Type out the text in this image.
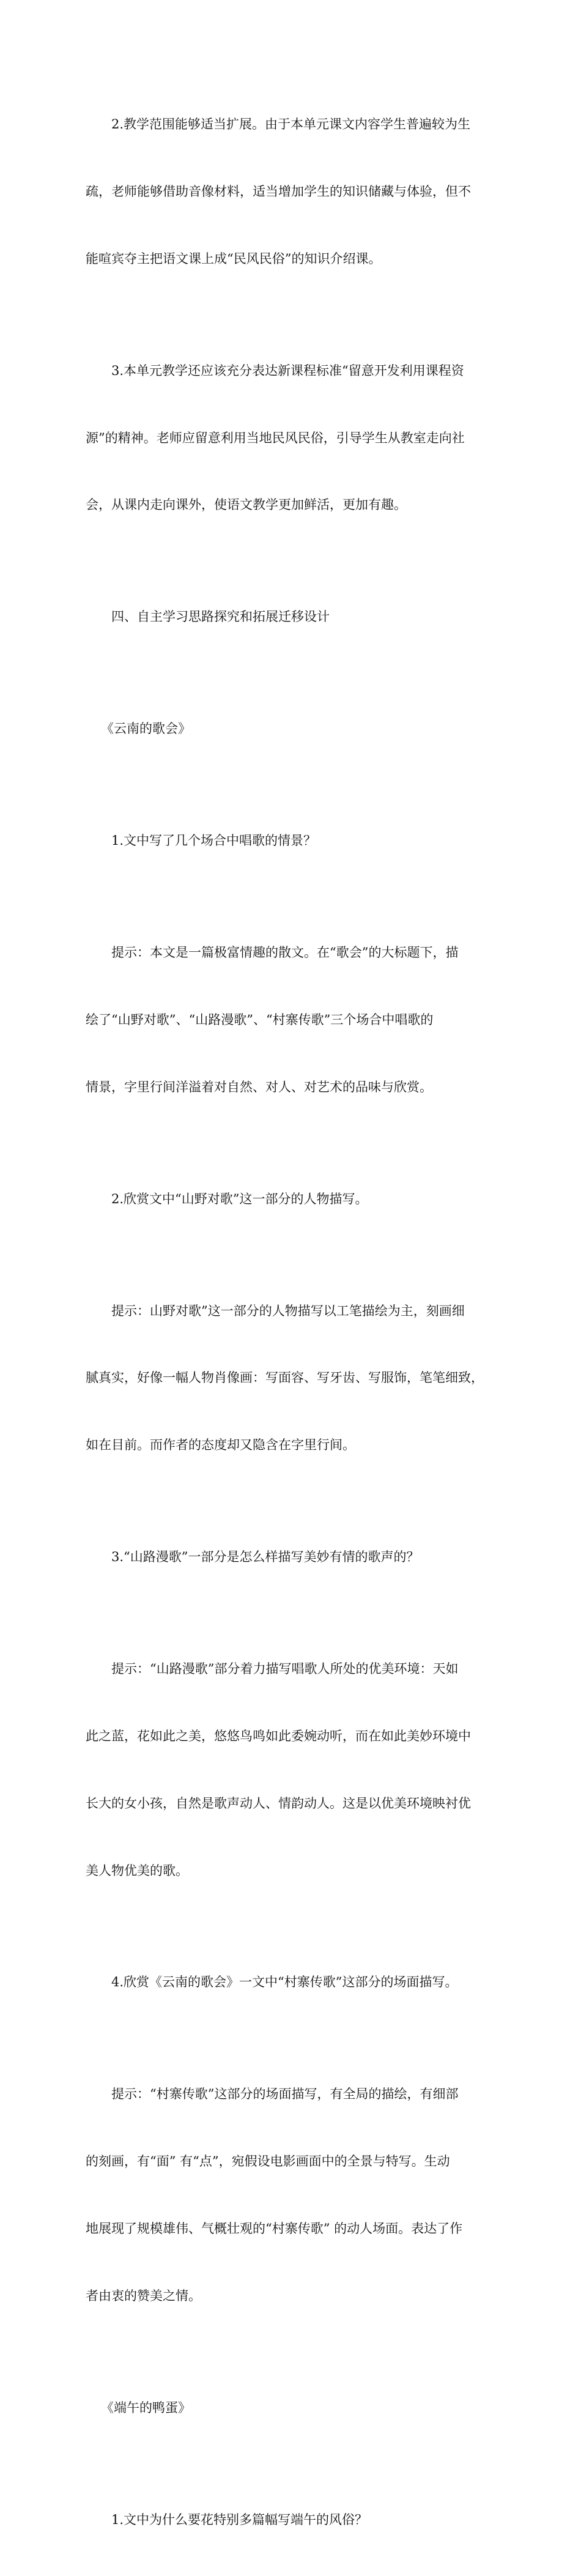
2.教学范围能够适当扩展。由于本单元课文内容学生普遍较为生

疏，老师能够借助音像材料，适当增加学生的知识储藏与体验，但不

能喧宾夺主把语文课上成“民风民俗”的知识介绍课。

3.本单元教学还应该充分表达新课程标准“留意开发利用课程资

源”的精神。老师应留意利用当地民风民俗，引导学生从教室走向社

会，从课内走向课外，使语文教学更加鲜活，更加有趣。

四、自主学习思路探究和拓展迁移设计

《云南的歌会》

1.文中写了几个场合中唱歌的情景？

提示：本文是一篇极富情趣的散文。在“歌会”的大标题下，描

绘了“山野对歌”、“山路漫歌”、“村寨传歌”三个场合中唱歌的

情景，字里行间洋溢着对自然、对人、对艺术的品味与欣赏。

2.欣赏文中“山野对歌”这一部分的人物描写。

提示：山野对歌”这一部分的人物描写以工笔描绘为主，刻画细

腻真实，好像一幅人物肖像画：写面容、写牙齿、写服饰，笔笔细致，

如在目前。而作者的态度却又隐含在字里行间。

3.“山路漫歌”一部分是怎么样描写美妙有情的歌声的？

提示：“山路漫歌”部分着力描写唱歌人所处的优美环境：天如

此之蓝，花如此之美，悠悠鸟鸣如此委婉动听，而在如此美妙环境中

长大的女小孩，自然是歌声动人、情韵动人。这是以优美环境映衬优

美人物优美的歌。

4.欣赏《云南的歌会》一文中“村寨传歌”这部分的场面描写。

提示：“村寨传歌”这部分的场面描写，有全局的描绘，有细部

的刻画，有“面” 有“点”，宛假设电影画面中的全景与特写。生动

地展现了规模雄伟、气概壮观的“村寨传歌” 的动人场面。表达了作

者由衷的赞美之情。

《端午的鸭蛋》

1.文中为什么要花特别多篇幅写端午的风俗？
